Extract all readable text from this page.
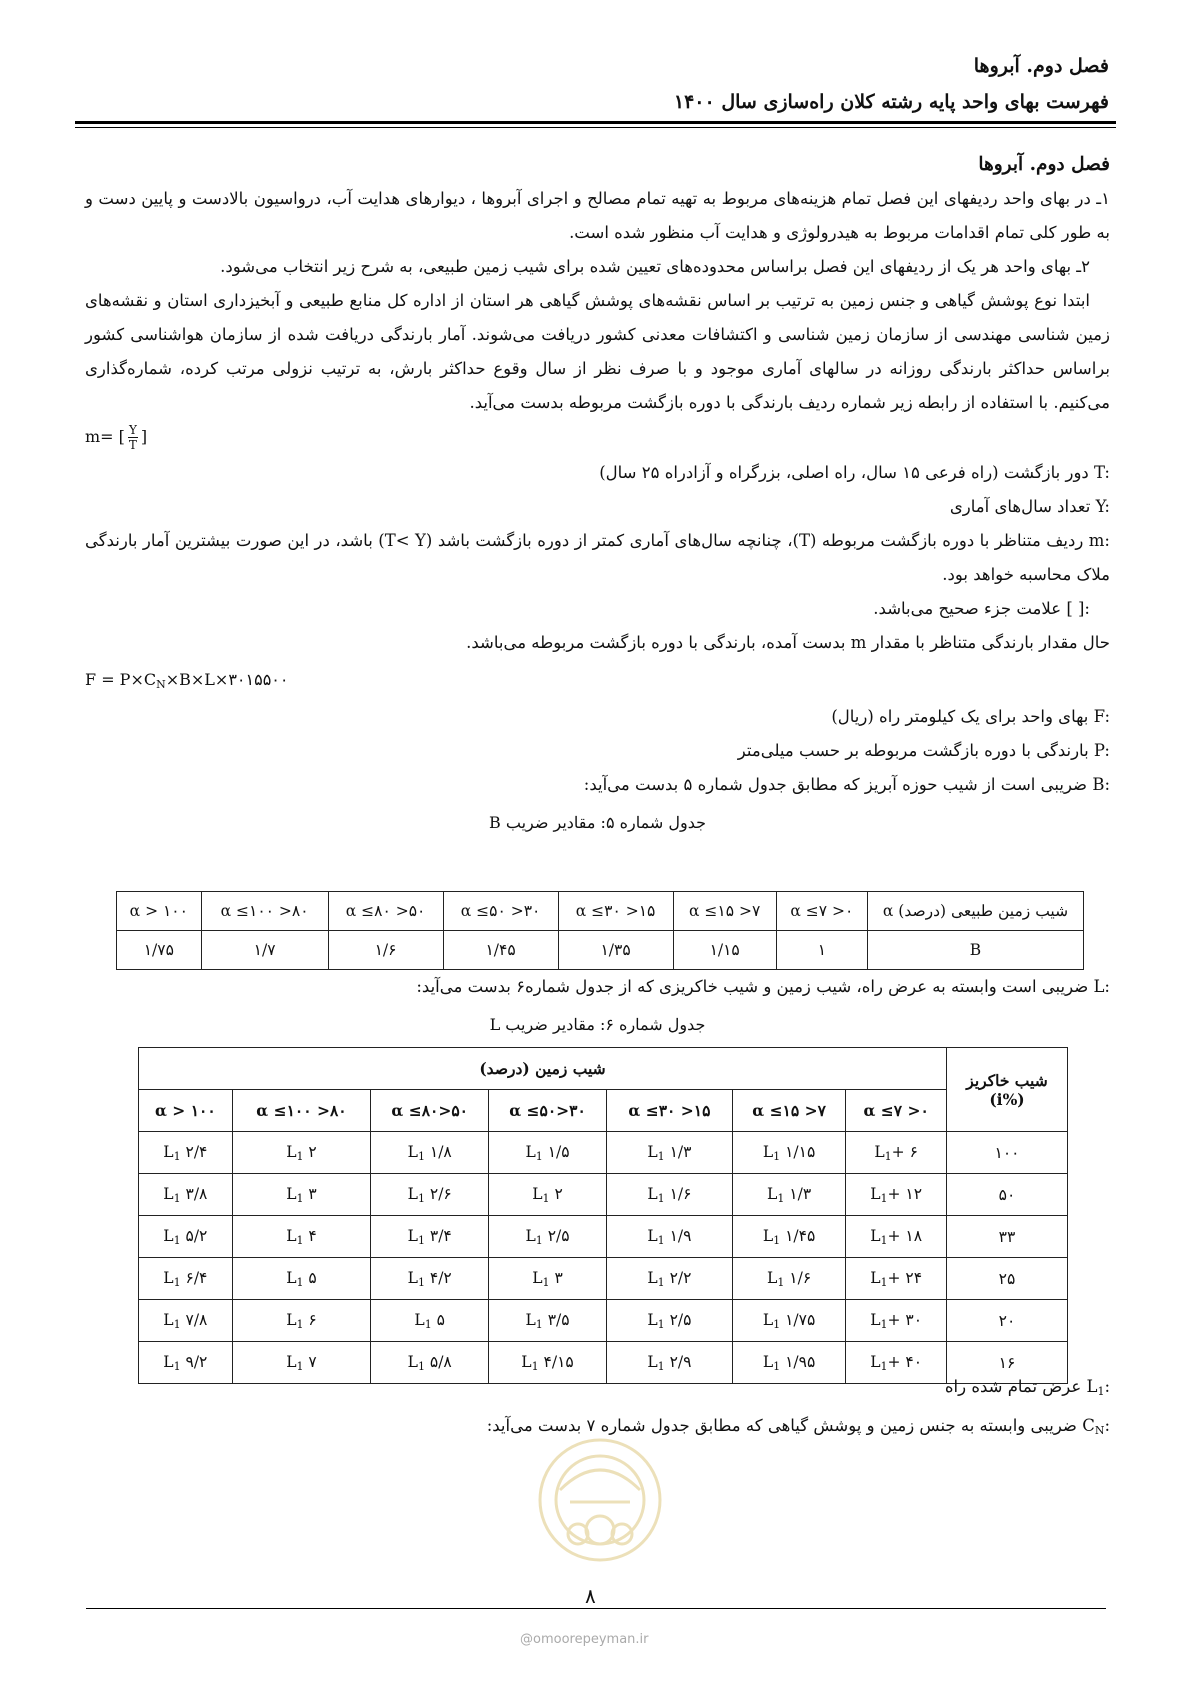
فصل دوم. آبروها
فهرست بهای واحد پایه رشته کلان راه‌سازی سال ۱۴۰۰

فصل دوم. آبروها

۱ـ در بهای واحد ردیفهای این فصل تمام هزینه‌های مربوط به تهیه تمام مصالح و اجرای آبروها ، دیوارهای هدایت آب، درواسیون بالادست و پایین دست و به طور کلی تمام اقدامات مربوط به هیدرولوژی و هدایت آب منظور شده است.

۲ـ بهای واحد هر یک از ردیفهای این فصل براساس محدوده‌های تعیین شده برای شیب زمین طبیعی، به شرح زیر انتخاب می‌شود.

ابتدا نوع پوشش گیاهی و جنس زمین به ترتیب بر اساس نقشه‌های پوشش گیاهی هر استان از اداره کل منابع طبیعی و آبخیزداری استان و نقشه‌های زمین شناسی مهندسی از سازمان زمین شناسی و اکتشافات معدنی کشور دریافت می‌شوند. آمار بارندگی دریافت شده از سازمان هواشناسی کشور براساس حداکثر بارندگی روزانه در سالهای آماری موجود و با صرف نظر از سال وقوع حداکثر بارش، به ترتیب نزولی مرتب کرده، شماره‌گذاری می‌کنیم. با استفاده از رابطه زیر شماره ردیف بارندگی با دوره بازگشت مربوطه بدست می‌آید.

m= [ $\frac{Y}{T}$ ]

T: دور بازگشت (راه فرعی ۱۵ سال، راه اصلی، بزرگراه و آزادراه ۲۵ سال)

Y: تعداد سال‌های آماری

m: ردیف متناظر با دوره بازگشت مربوطه (T)، چنانچه سال‌های آماری کمتر از دوره بازگشت باشد (T< Y) باشد، در این صورت بیشترین آمار بارندگی ملاک محاسبه خواهد بود.

[ ]: علامت جزء صحیح می‌باشد.

حال مقدار بارندگی متناظر با مقدار m بدست آمده، بارندگی با دوره بازگشت مربوطه می‌باشد.

$F = P\times C_N\times B\times L\times ۳۰۱۵۵۰۰$

F: بهای واحد برای یک کیلومتر راه (ریال)

P: بارندگی با دوره بازگشت مربوطه بر حسب میلی‌متر

B: ضریبی است از شیب حوزه آبریز که مطابق جدول شماره ۵ بدست می‌آید:

جدول شماره ۵: مقادیر ضریب B

شیب زمین طبیعی (درصد) α	۰< α ≤۷	۷< α ≤۱۵	۱۵< α ≤۳۰	۳۰< α ≤۵۰	۵۰< α ≤۸۰	۸۰< α ≤۱۰۰	α > ۱۰۰
B	۱	۱/۱۵	۱/۳۵	۱/۴۵	۱/۶	۱/۷	۱/۷۵

L: ضریبی است وابسته به عرض راه، شیب زمین و شیب خاکریزی که از جدول شماره۶ بدست می‌آید:

جدول شماره ۶: مقادیر ضریب L

شیب خاکریز
(i%)	شیب زمین (درصد)						
	۰< α ≤۷	۷< α ≤۱۵	۱۵< α ≤۳۰	۳۰<α ≤۵۰	۵۰<α ≤۸۰	۸۰< α ≤۱۰۰	α > ۱۰۰
۱۰۰	$L_1+$ ۶	۱/۱۵ $L_1$	۱/۳ $L_1$	۱/۵ $L_1$	۱/۸ $L_1$	۲ $L_1$	۲/۴ $L_1$
۵۰	$L_1+$ ۱۲	۱/۳ $L_1$	۱/۶ $L_1$	۲ $L_1$	۲/۶ $L_1$	۳ $L_1$	۳/۸ $L_1$
۳۳	$L_1+$ ۱۸	۱/۴۵ $L_1$	۱/۹ $L_1$	۲/۵ $L_1$	۳/۴ $L_1$	۴ $L_1$	۵/۲ $L_1$
۲۵	$L_1+$ ۲۴	۱/۶ $L_1$	۲/۲ $L_1$	۳ $L_1$	۴/۲ $L_1$	۵ $L_1$	۶/۴ $L_1$
۲۰	$L_1+$ ۳۰	۱/۷۵ $L_1$	۲/۵ $L_1$	۳/۵ $L_1$	۵ $L_1$	۶ $L_1$	۷/۸ $L_1$
۱۶	$L_1+$ ۴۰	۱/۹۵ $L_1$	۲/۹ $L_1$	۴/۱۵ $L_1$	۵/۸ $L_1$	۷ $L_1$	۹/۲ $L_1$

$L_1$: عرض تمام شده راه

$C_N$: ضریبی وابسته به جنس زمین و پوشش گیاهی که مطابق جدول شماره ۷ بدست می‌آید:

۸
@omoorepeyman.ir
